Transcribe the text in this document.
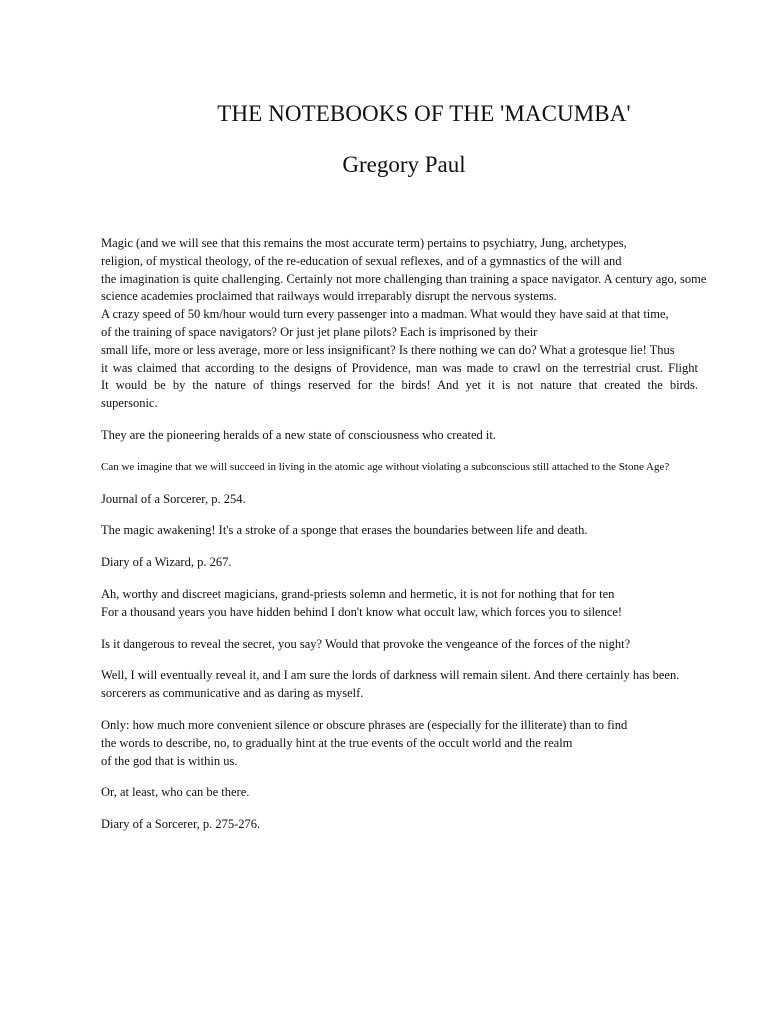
THE NOTEBOOKS OF THE 'MACUMBA'
Gregory Paul
Magic (and we will see that this remains the most accurate term) pertains to psychiatry, Jung, archetypes,
religion, of mystical theology, of the re-education of sexual reflexes, and of a gymnastics of the will and
the imagination is quite challenging. Certainly not more challenging than training a space navigator. A century ago, some
science academies proclaimed that railways would irreparably disrupt the nervous systems.
A crazy speed of 50 km/hour would turn every passenger into a madman. What would they have said at that time,
of the training of space navigators? Or just jet plane pilots? Each is imprisoned by their
small life, more or less average, more or less insignificant? Is there nothing we can do? What a grotesque lie! Thus
it was claimed that according to the designs of Providence, man was made to crawl on the terrestrial crust. Flight
It would be by the nature of things reserved for the birds! And yet it is not nature that created the birds.
supersonic.
They are the pioneering heralds of a new state of consciousness who created it.
Can we imagine that we will succeed in living in the atomic age without violating a subconscious still attached to the Stone Age?
Journal of a Sorcerer, p. 254.
The magic awakening! It's a stroke of a sponge that erases the boundaries between life and death.
Diary of a Wizard, p. 267.
Ah, worthy and discreet magicians, grand-priests solemn and hermetic, it is not for nothing that for ten
For a thousand years you have hidden behind I don't know what occult law, which forces you to silence!
Is it dangerous to reveal the secret, you say? Would that provoke the vengeance of the forces of the night?
Well, I will eventually reveal it, and I am sure the lords of darkness will remain silent. And there certainly has been.
sorcerers as communicative and as daring as myself.
Only: how much more convenient silence or obscure phrases are (especially for the illiterate) than to find
the words to describe, no, to gradually hint at the true events of the occult world and the realm
of the god that is within us.
Or, at least, who can be there.
Diary of a Sorcerer, p. 275-276.
